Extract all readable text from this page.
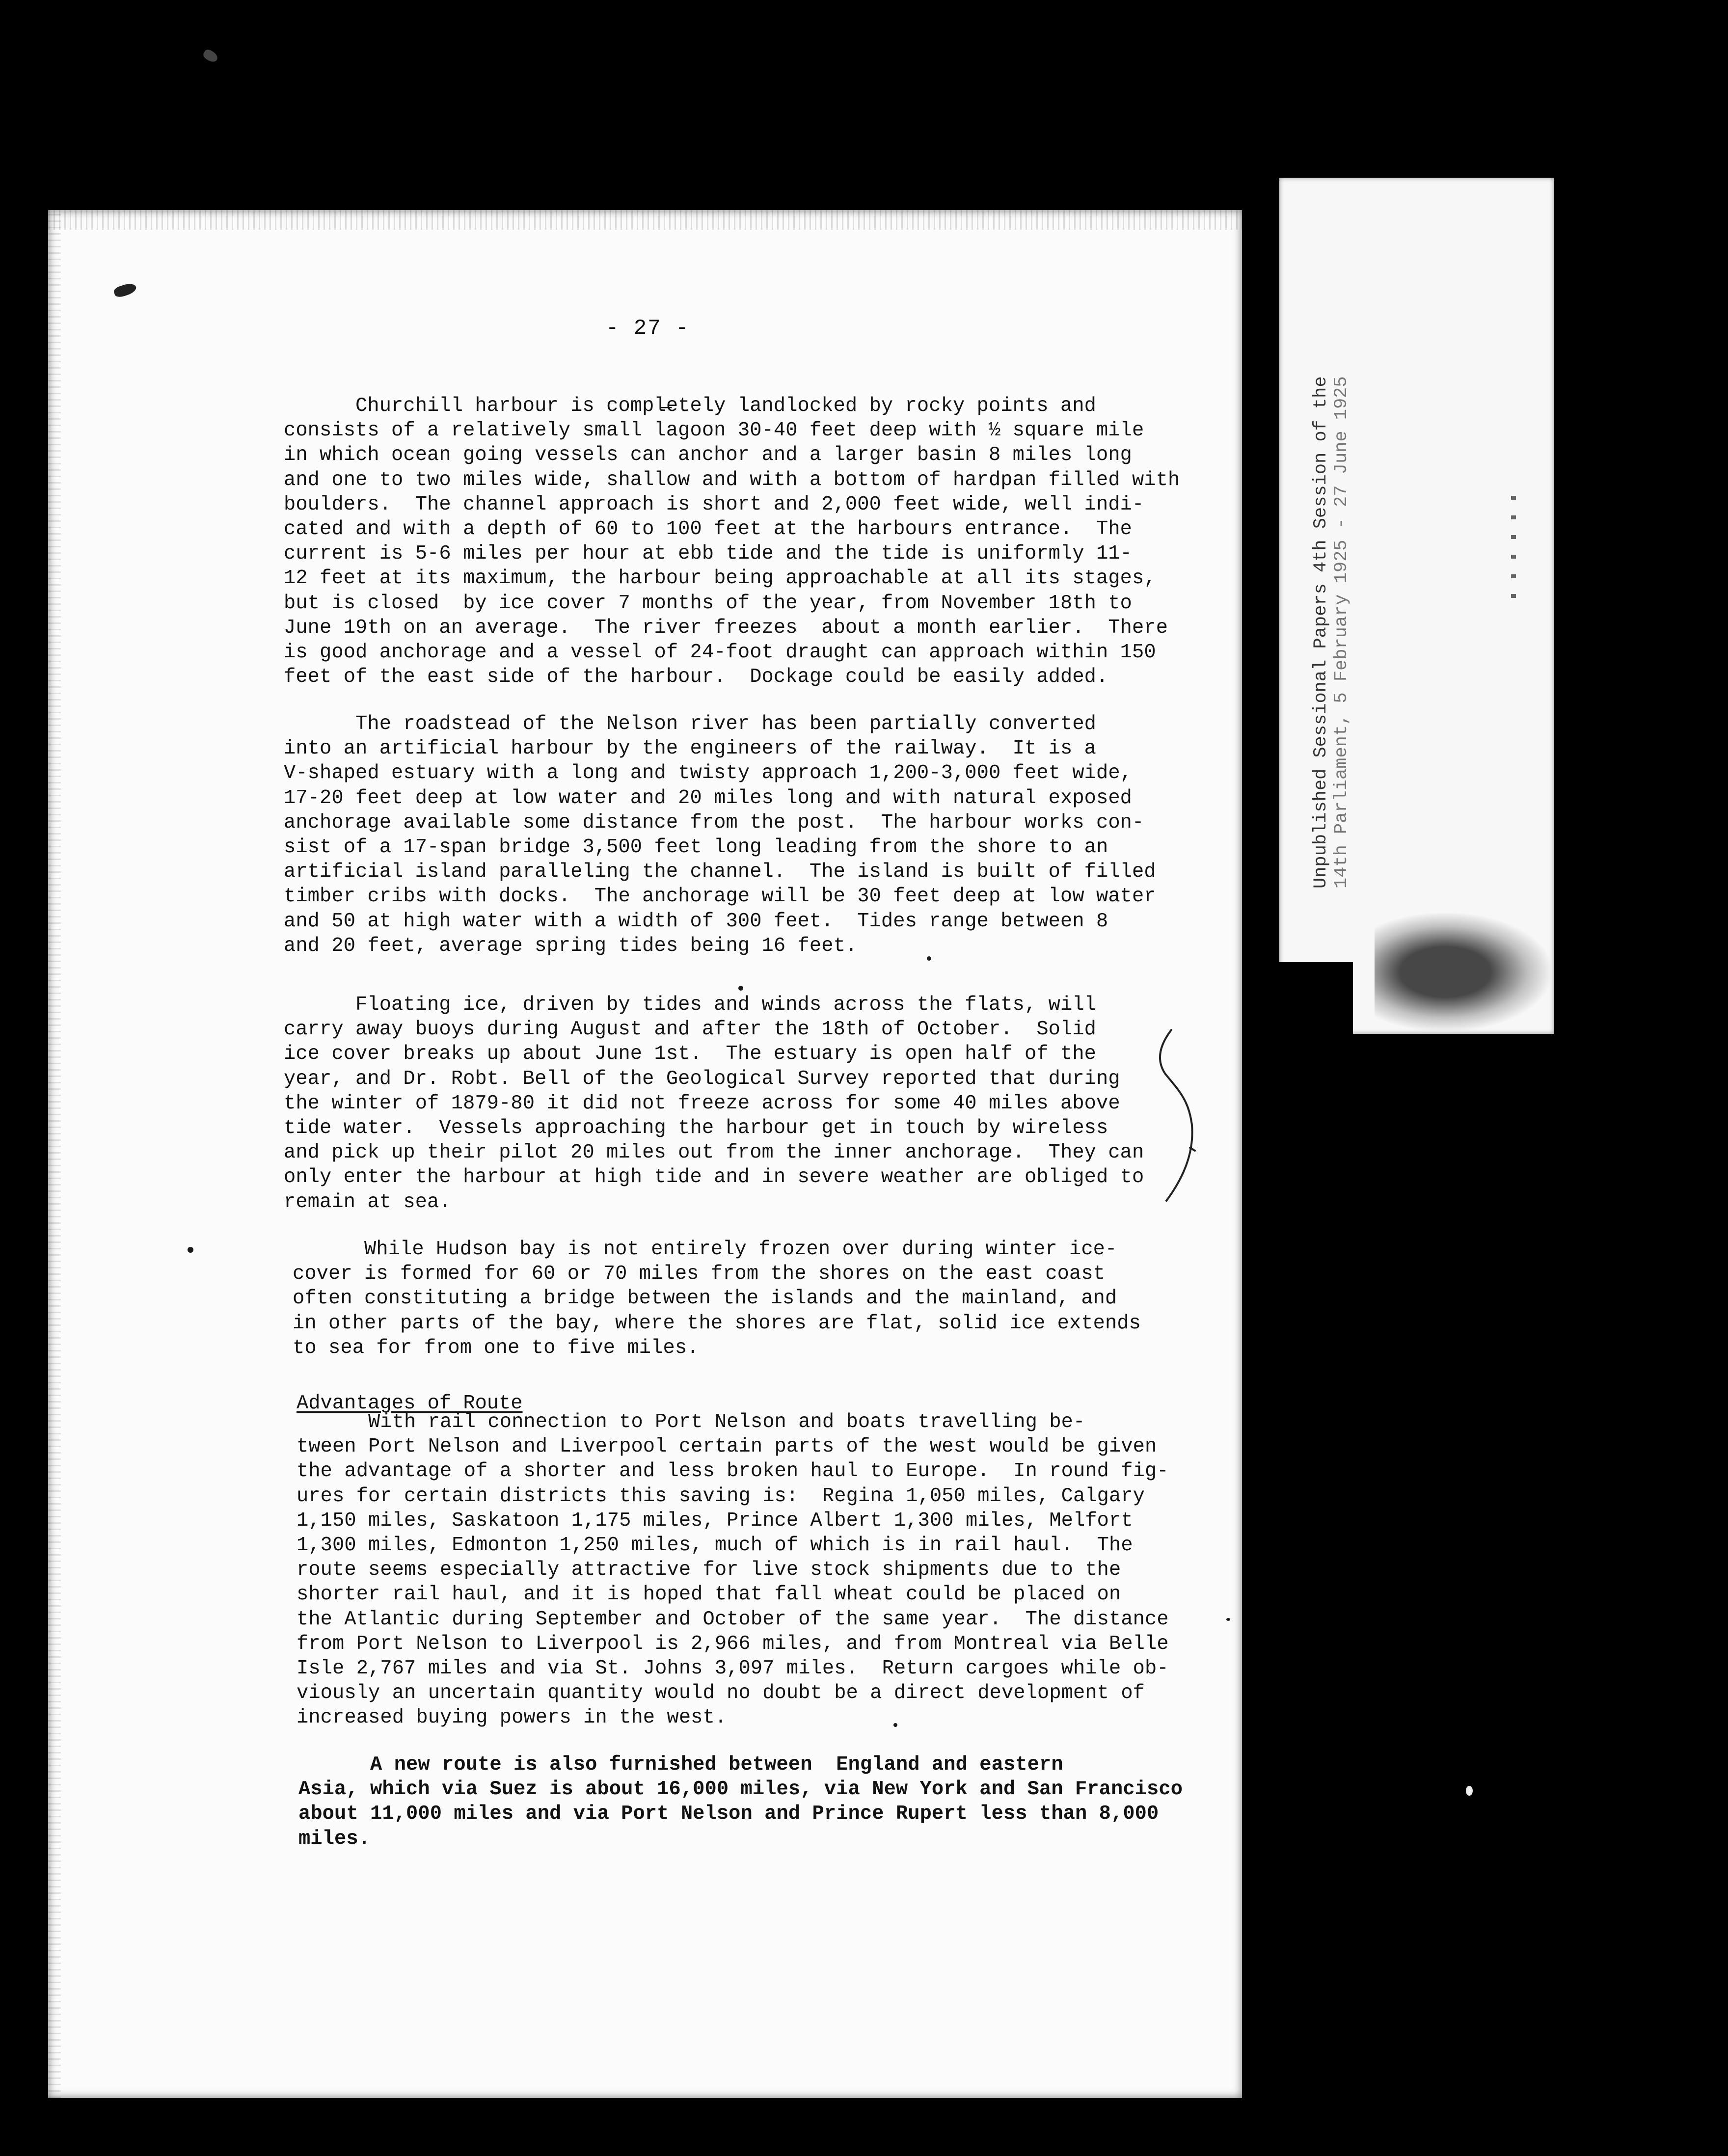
- 27 -

Churchill harbour is compl̶etely landlocked by rocky points and
consists of a relatively small lagoon 30-40 feet deep with ½ square mile
in which ocean going vessels can anchor and a larger basin 8 miles long
and one to two miles wide, shallow and with a bottom of hardpan filled with
boulders.  The channel approach is short and 2,000 feet wide, well indi-
cated and with a depth of 60 to 100 feet at the harbours entrance.  The
current is 5-6 miles per hour at ebb tide and the tide is uniformly 11-
12 feet at its maximum, the harbour being approachable at all its stages,
but is closed  by ice cover 7 months of the year, from November 18th to
June 19th on an average.  The river freezes  about a month earlier.  There
is good anchorage and a vessel of 24-foot draught can approach within 150
feet of the east side of the harbour.  Dockage could be easily added.

The roadstead of the Nelson river has been partially converted
into an artificial harbour by the engineers of the railway.  It is a
V-shaped estuary with a long and twisty approach 1,200-3,000 feet wide,
17-20 feet deep at low water and 20 miles long and with natural exposed
anchorage available some distance from the post.  The harbour works con-
sist of a 17-span bridge 3,500 feet long leading from the shore to an
artificial island paralleling the channel.  The island is built of filled
timber cribs with docks.  The anchorage will be 30 feet deep at low water
and 50 at high water with a width of 300 feet.  Tides range between 8
and 20 feet, average spring tides being 16 feet.

Floating ice, driven by tides and winds across the flats, will
carry away buoys during August and after the 18th of October.  Solid
ice cover breaks up about June 1st.  The estuary is open half of the
year, and Dr. Robt. Bell of the Geological Survey reported that during
the winter of 1879-80 it did not freeze across for some 40 miles above
tide water.  Vessels approaching the harbour get in touch by wireless
and pick up their pilot 20 miles out from the inner anchorage.  They can
only enter the harbour at high tide and in severe weather are obliged to
remain at sea.

While Hudson bay is not entirely frozen over during winter ice-
cover is formed for 60 or 70 miles from the shores on the east coast
often constituting a bridge between the islands and the mainland, and
in other parts of the bay, where the shores are flat, solid ice extends
to sea for from one to five miles.

Advantages of Route

With rail connection to Port Nelson and boats travelling be-
tween Port Nelson and Liverpool certain parts of the west would be given
the advantage of a shorter and less broken haul to Europe.  In round fig-
ures for certain districts this saving is:  Regina 1,050 miles, Calgary
1,150 miles, Saskatoon 1,175 miles, Prince Albert 1,300 miles, Melfort
1,300 miles, Edmonton 1,250 miles, much of which is in rail haul.  The
route seems especially attractive for live stock shipments due to the
shorter rail haul, and it is hoped that fall wheat could be placed on
the Atlantic during September and October of the same year.  The distance
from Port Nelson to Liverpool is 2,966 miles, and from Montreal via Belle
Isle 2,767 miles and via St. Johns 3,097 miles.  Return cargoes while ob-
viously an uncertain quantity would no doubt be a direct development of
increased buying powers in the west.

A new route is also furnished between  England and eastern
Asia, which via Suez is about 16,000 miles, via New York and San Francisco
about 11,000 miles and via Port Nelson and Prince Rupert less than 8,000
miles.

Unpublished Sessional Papers 4th Session of the
14th Parliament, 5 February 1925 - 27 June 1925
